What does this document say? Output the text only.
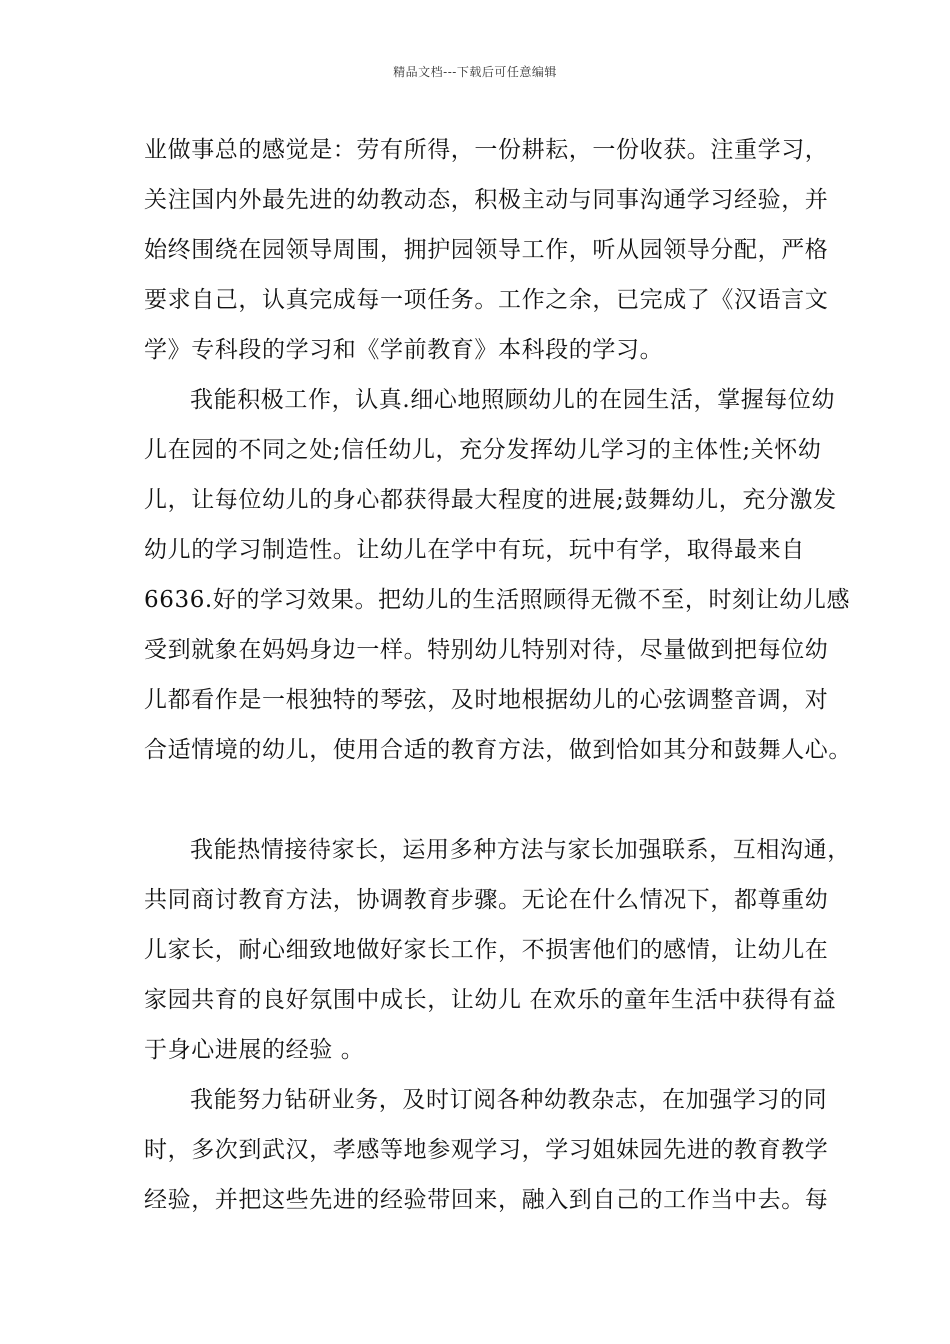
精品文档---下载后可任意编辑
业做事总的感觉是：劳有所得，一份耕耘，一份收获。注重学习，
关注国内外最先进的幼教动态，积极主动与同事沟通学习经验，并
始终围绕在园领导周围，拥护园领导工作，听从园领导分配，严格
要求自己，认真完成每一项任务。工作之余，已完成了《汉语言文
学》专科段的学习和《学前教育》本科段的学习。
我能积极工作，认真.细心地照顾幼儿的在园生活，掌握每位幼
儿在园的不同之处;信任幼儿，充分发挥幼儿学习的主体性;关怀幼
儿，让每位幼儿的身心都获得最大程度的进展;鼓舞幼儿，充分激发
幼儿的学习制造性。让幼儿在学中有玩，玩中有学，取得最来自
6636.好的学习效果。把幼儿的生活照顾得无微不至，时刻让幼儿感
受到就象在妈妈身边一样。特别幼儿特别对待，尽量做到把每位幼
儿都看作是一根独特的琴弦，及时地根据幼儿的心弦调整音调，对
合适情境的幼儿，使用合适的教育方法，做到恰如其分和鼓舞人心。
我能热情接待家长，运用多种方法与家长加强联系，互相沟通，
共同商讨教育方法，协调教育步骤。无论在什么情况下，都尊重幼
儿家长，耐心细致地做好家长工作，不损害他们的感情，让幼儿在
家园共育的良好氛围中成长，让幼儿 在欢乐的童年生活中获得有益
于身心进展的经验 。
我能努力钻研业务，及时订阅各种幼教杂志，在加强学习的同
时，多次到武汉，孝感等地参观学习，学习姐妹园先进的教育教学
经验，并把这些先进的经验带回来，融入到自己的工作当中去。每
